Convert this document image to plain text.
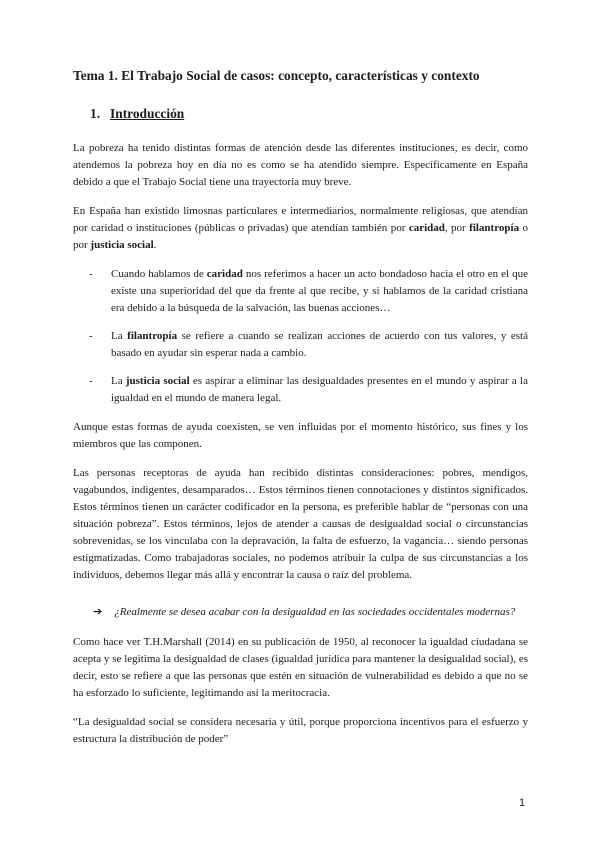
Tema 1. El Trabajo Social de casos: concepto, características y contexto
1. Introducción

La pobreza ha tenido distintas formas de atención desde las diferentes instituciones, es decir, como atendemos la pobreza hoy en día no es como se ha atendido siempre. Específicamente en España debido a que el Trabajo Social tiene una trayectoria muy breve.

En España han existido limosnas particulares e intermediarios, normalmente religiosas, que atendían por caridad o instituciones (públicas o privadas) que atendían también por caridad, por filantropía o por justicia social.

- Cuando hablamos de caridad nos referimos a hacer un acto bondadoso hacia el otro en el que existe una superioridad del que da frente al que recibe, y si hablamos de la caridad cristiana era debido a la búsqueda de la salvación, las buenas acciones…
- La filantropía se refiere a cuando se realizan acciones de acuerdo con tus valores, y está basado en ayudar sin esperar nada a cambio.
- La justicia social es aspirar a eliminar las desigualdades presentes en el mundo y aspirar a la igualdad en el mundo de manera legal.

Aunque estas formas de ayuda coexisten, se ven influidas por el momento histórico, sus fines y los miembros que las componen.

Las personas receptoras de ayuda han recibido distintas consideraciones: pobres, mendigos, vagabundos, indigentes, desamparados… Estos términos tienen connotaciones y distintos significados. Estos términos tienen un carácter codificador en la persona, es preferible hablar de “personas con una situación pobreza”. Estos términos, lejos de atender a causas de desigualdad social o circunstancias sobrevenidas, se los vinculaba con la depravación, la falta de esfuerzo, la vagancia… siendo personas estigmatizadas. Como trabajadoras sociales, no podemos atribuir la culpa de sus circunstancias a los individuos, debemos llegar más allá y encontrar la causa o raíz del problema.

➔ ¿Realmente se desea acabar con la desigualdad en las sociedades occidentales modernas?

Como hace ver T.H.Marshall (2014) en su publicación de 1950, al reconocer la igualdad ciudadana se acepta y se legitima la desigualdad de clases (igualdad jurídica para mantener la desigualdad social), es decir, esto se refiere a que las personas que estén en situación de vulnerabilidad es debido a que no se ha esforzado lo suficiente, legitimando así la meritocracia.

“La desigualdad social se considera necesaria y útil, porque proporciona incentivos para el esfuerzo y estructura la distribución de poder”

1
